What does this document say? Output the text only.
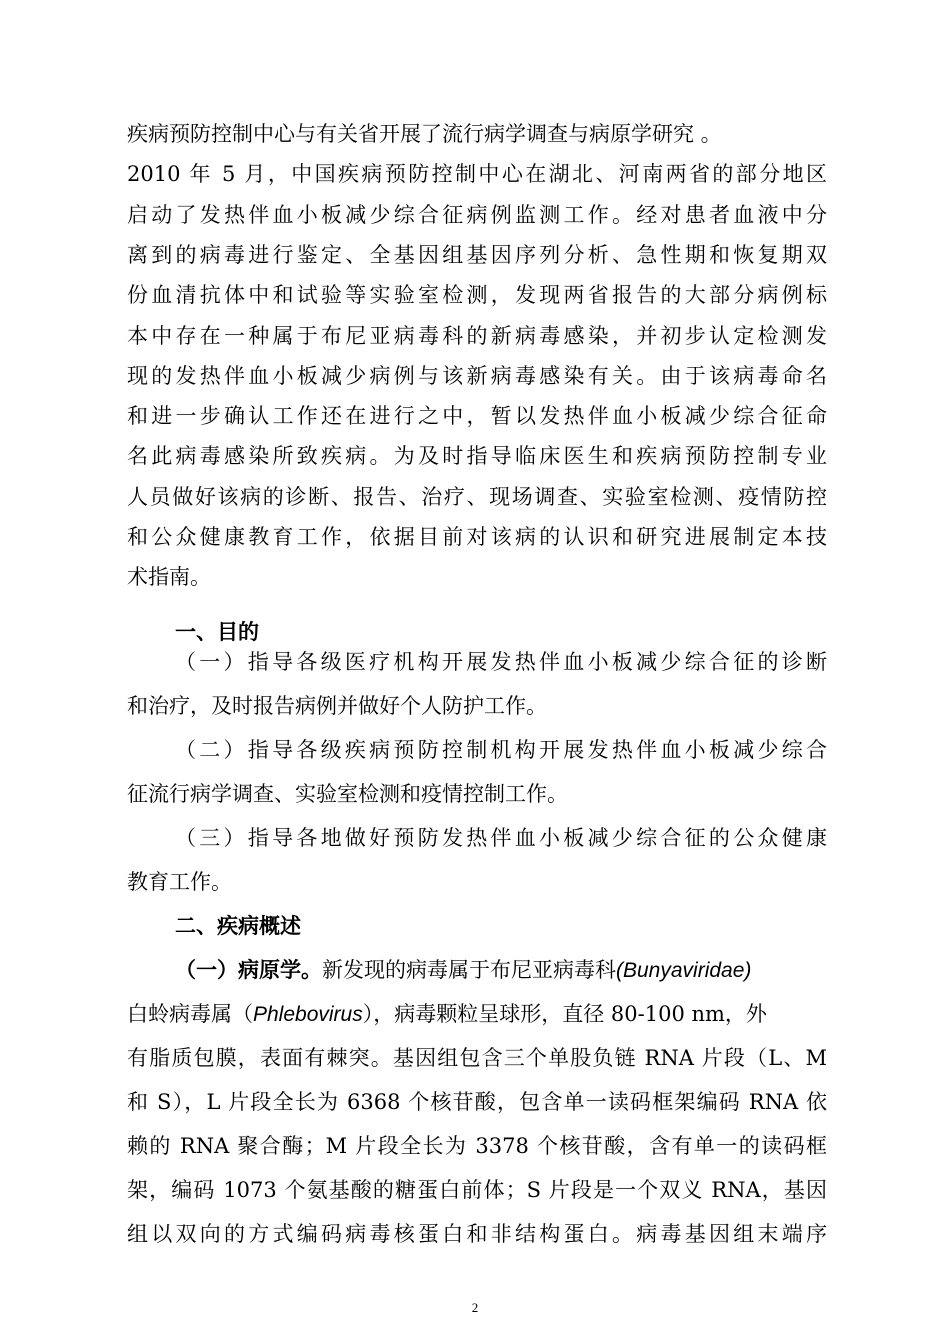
疾病预防控制中心与有关省开展了流行病学调查与病原学研究 。
2010 年 5 月，中国疾病预防控制中心在湖北、河南两省的部分地区
启动了发热伴血小板减少综合征病例监测工作。经对患者血液中分
离到的病毒进行鉴定、全基因组基因序列分析、急性期和恢复期双
份血清抗体中和试验等实验室检测，发现两省报告的大部分病例标
本中存在一种属于布尼亚病毒科的新病毒感染，并初步认定检测发
现的发热伴血小板减少病例与该新病毒感染有关。由于该病毒命名
和进一步确认工作还在进行之中，暂以发热伴血小板减少综合征命
名此病毒感染所致疾病。为及时指导临床医生和疾病预防控制专业
人员做好该病的诊断、报告、治疗、现场调查、实验室检测、疫情防控
和公众健康教育工作，依据目前对该病的认识和研究进展制定本技
术指南。
一、目的
（一）指导各级医疗机构开展发热伴血小板减少综合征的诊断
和治疗，及时报告病例并做好个人防护工作。
（二）指导各级疾病预防控制机构开展发热伴血小板减少综合
征流行病学调查、实验室检测和疫情控制工作。
（三）指导各地做好预防发热伴血小板减少综合征的公众健康
教育工作。
二、疾病概述
（一）病原学。新发现的病毒属于布尼亚病毒科(Bunyaviridae)
白蛉病毒属（Phlebovirus），病毒颗粒呈球形，直径 80-100 nm，外
有脂质包膜，表面有棘突。基因组包含三个单股负链 RNA 片段（L、M
和 S），L 片段全长为 6368 个核苷酸，包含单一读码框架编码 RNA 依
赖的 RNA 聚合酶；M 片段全长为 3378 个核苷酸，含有单一的读码框
架，编码 1073 个氨基酸的糖蛋白前体；S 片段是一个双义 RNA，基因
组以双向的方式编码病毒核蛋白和非结构蛋白。病毒基因组末端序
2
